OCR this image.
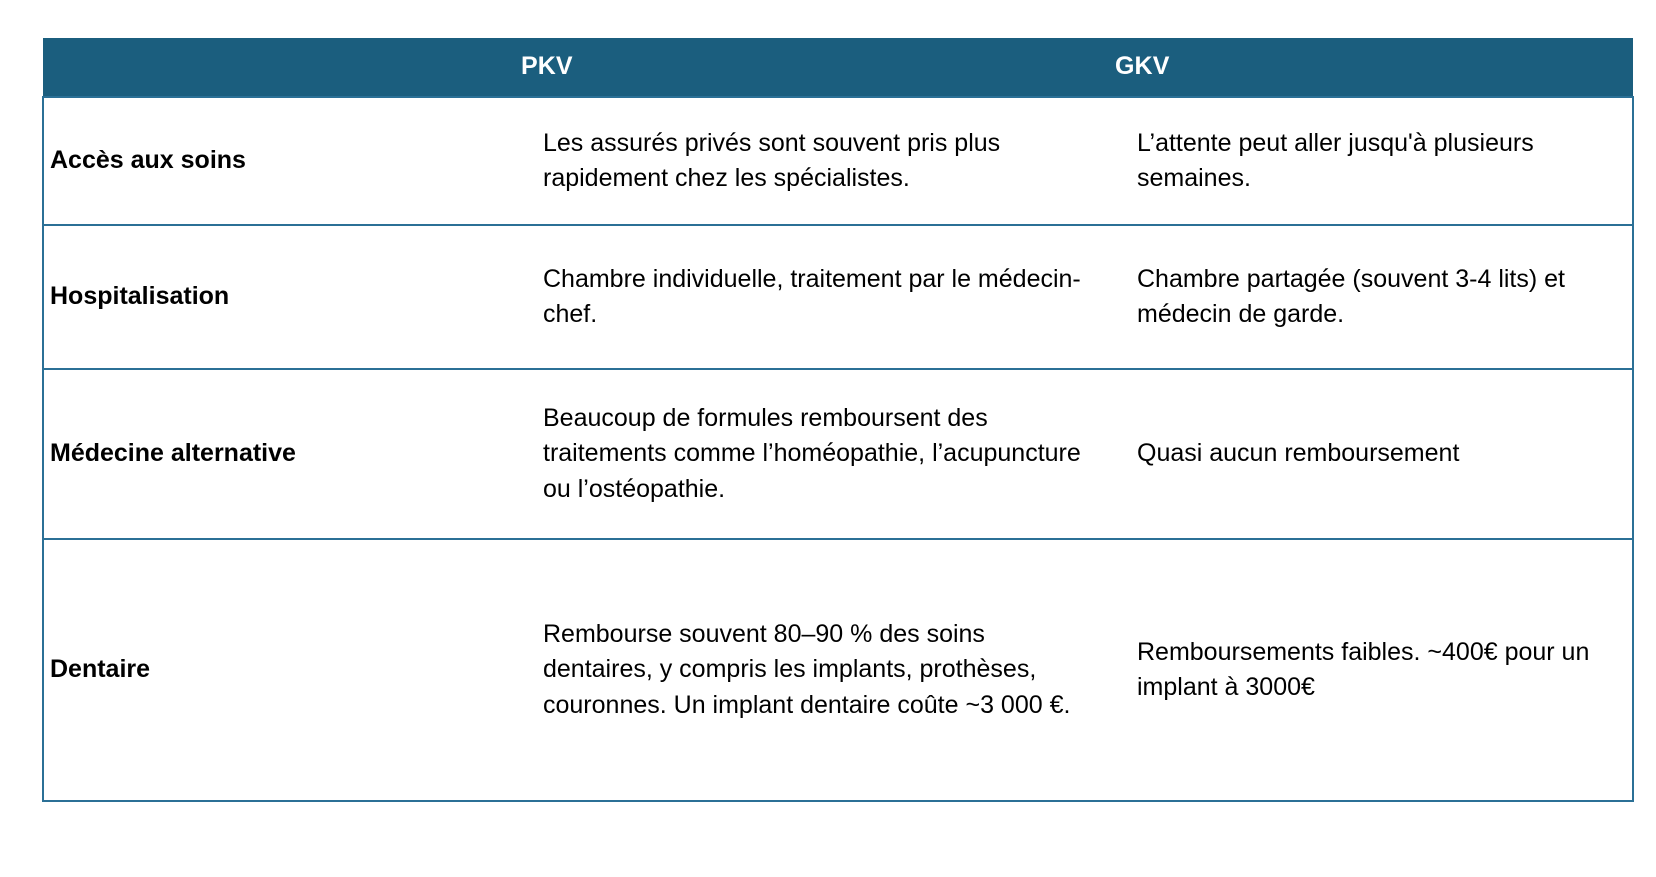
	PKV	GKV

Accès aux soins	Les assurés privés sont souvent pris plus rapidement chez les spécialistes.	L’attente peut aller jusqu'à plusieurs semaines.

Hospitalisation	Chambre individuelle, traitement par le médecin-chef.	Chambre partagée (souvent 3-4 lits) et médecin de garde.

Médecine alternative	Beaucoup de formules remboursent des traitements comme l’homéopathie, l’acupuncture ou l’ostéopathie.	Quasi aucun remboursement

Dentaire	Rembourse souvent 80–90 % des soins dentaires, y compris les implants, prothèses, couronnes. Un implant dentaire coûte ~3 000 €.	Remboursements faibles. ~400€ pour un implant à 3000€
